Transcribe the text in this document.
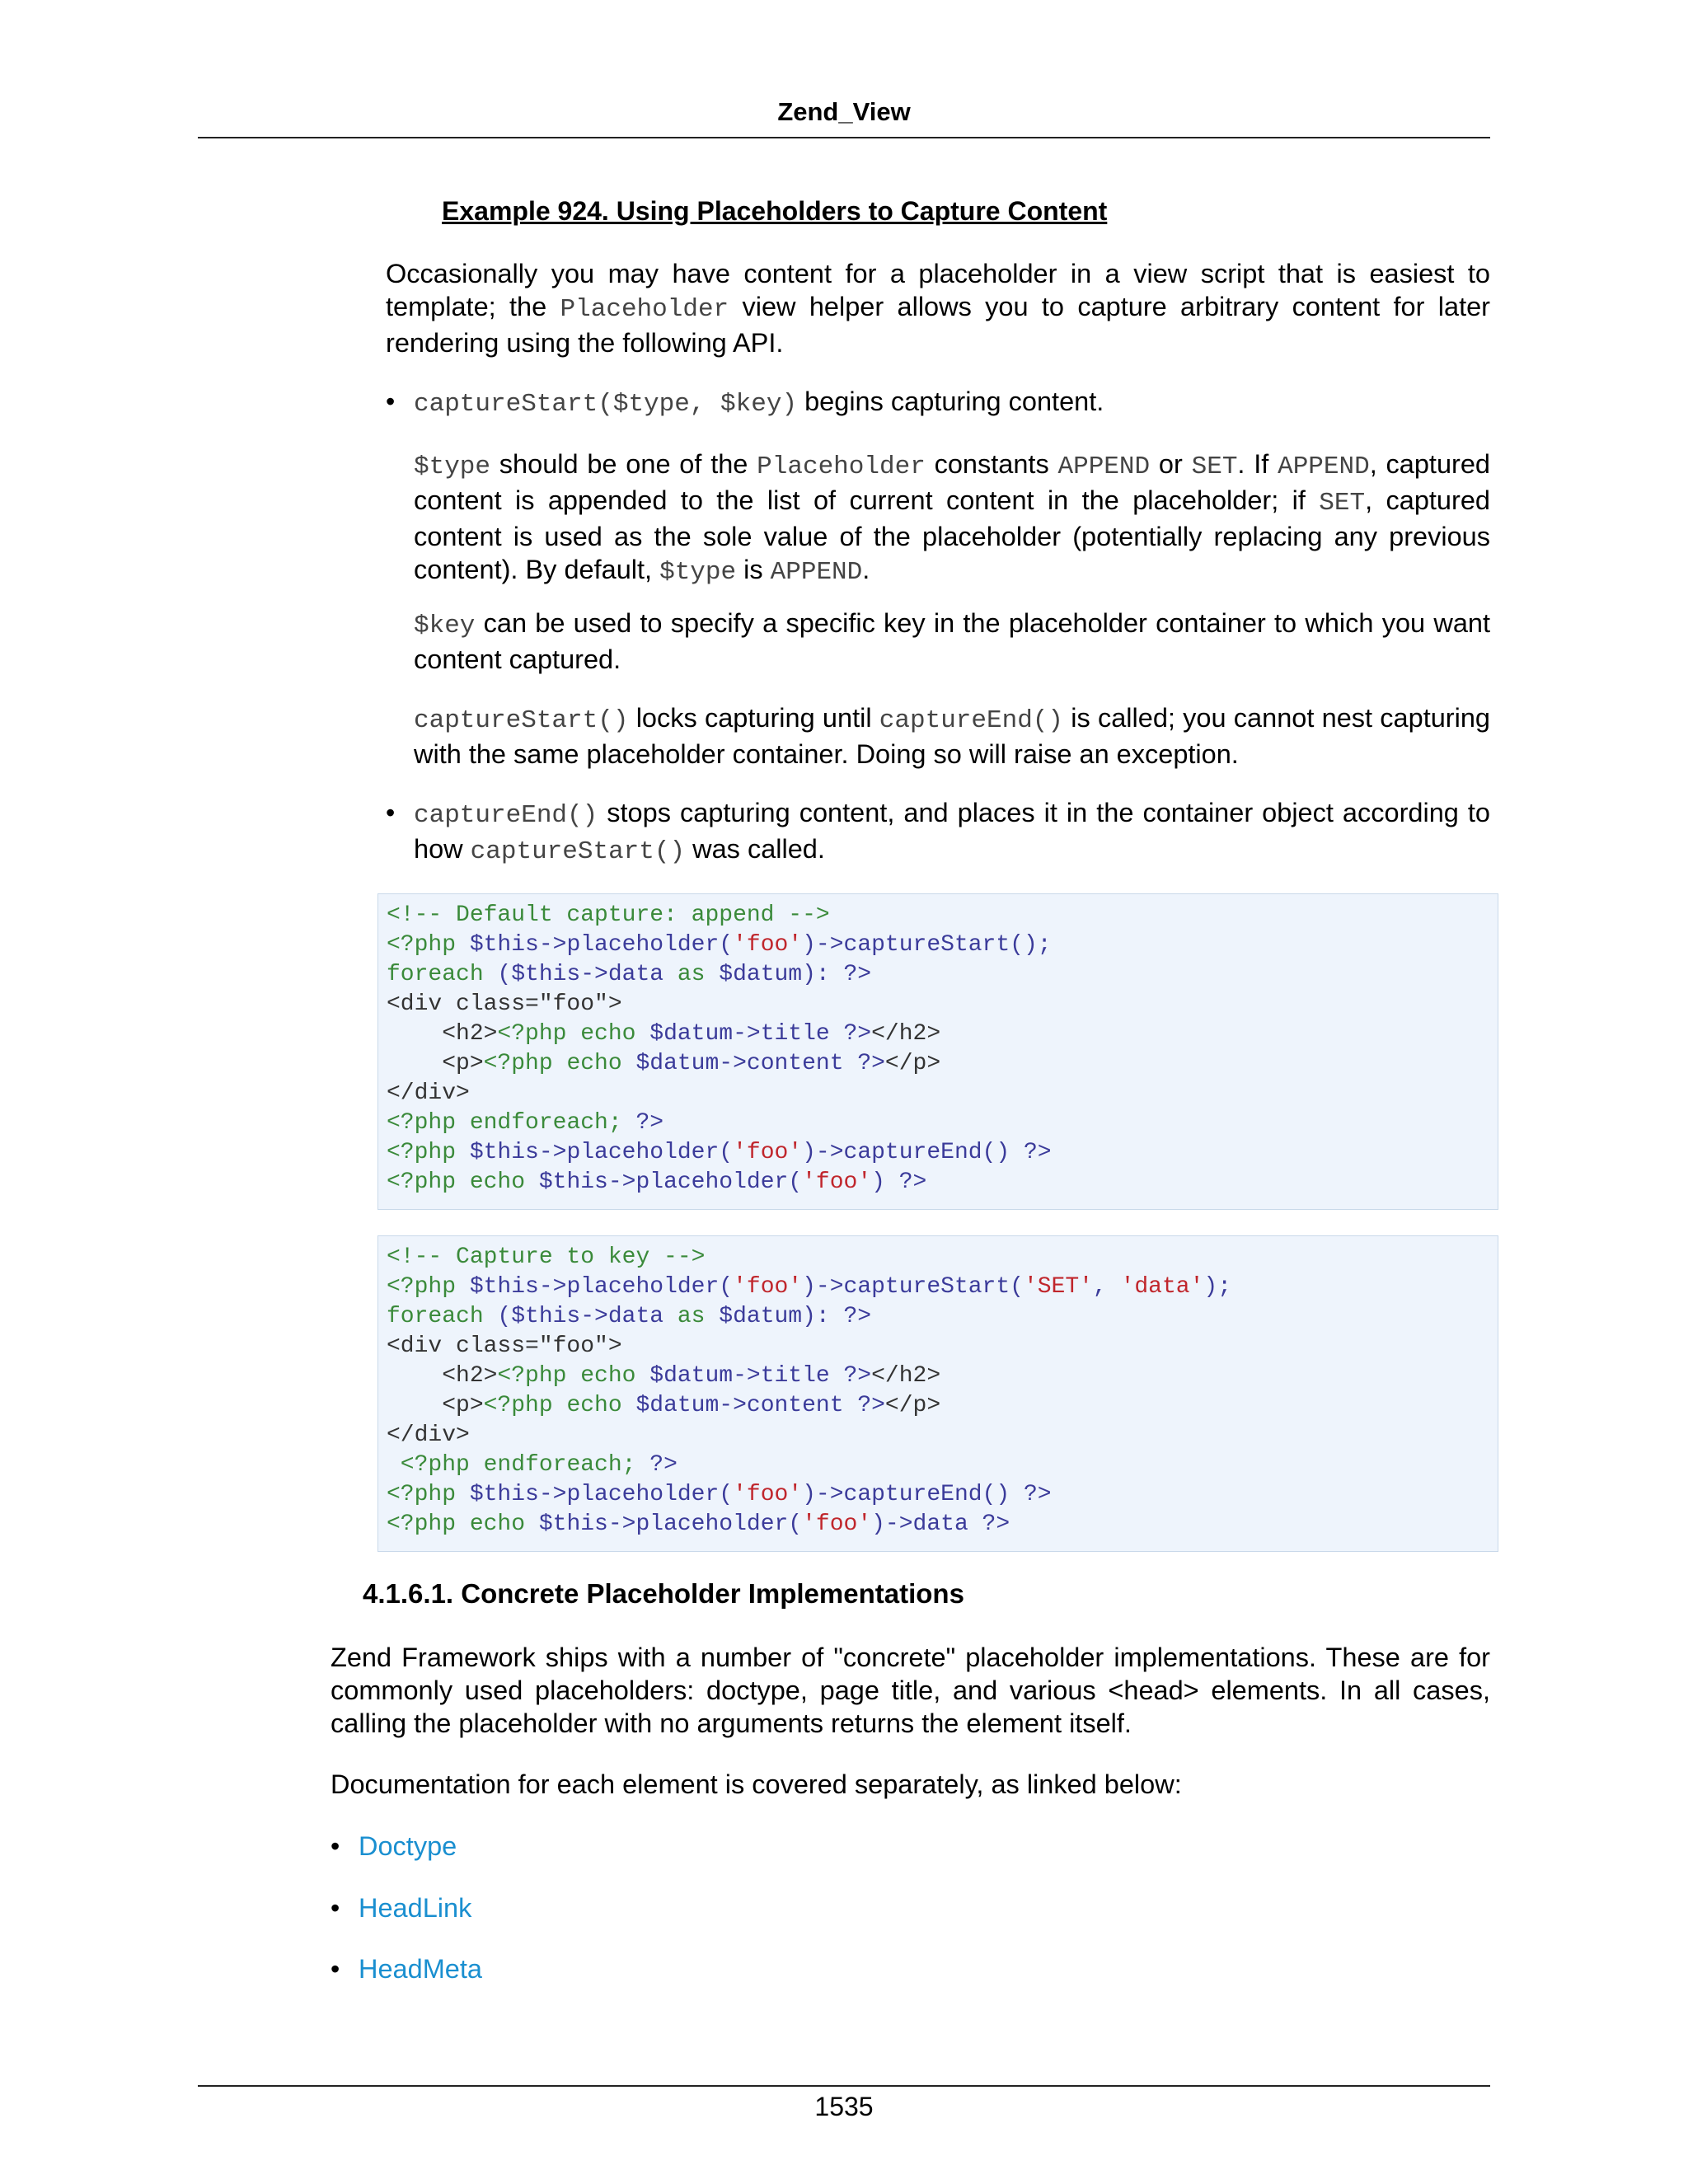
Zend_View
Example 924. Using Placeholders to Capture Content

Occasionally you may have content for a placeholder in a view script that is easiest to template; the Placeholder view helper allows you to capture arbitrary content for later rendering using the following API.

• captureStart($type, $key) begins capturing content.

$type should be one of the Placeholder constants APPEND or SET. If APPEND, captured content is appended to the list of current content in the placeholder; if SET, captured content is used as the sole value of the placeholder (potentially replacing any previous content). By default, $type is APPEND.

$key can be used to specify a specific key in the placeholder container to which you want content captured.

captureStart() locks capturing until captureEnd() is called; you cannot nest capturing with the same placeholder container. Doing so will raise an exception.

• captureEnd() stops capturing content, and places it in the container object according to how captureStart() was called.

<!-- Default capture: append -->
<?php $this->placeholder('foo')->captureStart();
foreach ($this->data as $datum): ?>
<div class="foo">
<h2><?php echo $datum->title ?></h2>
<p><?php echo $datum->content ?></p>
</div>
<?php endforeach; ?>
<?php $this->placeholder('foo')->captureEnd() ?>
<?php echo $this->placeholder('foo') ?>
<!-- Capture to key -->
<?php $this->placeholder('foo')->captureStart('SET', 'data');
foreach ($this->data as $datum): ?>
<div class="foo">
<h2><?php echo $datum->title ?></h2>
<p><?php echo $datum->content ?></p>
</div>
<?php endforeach; ?>
<?php $this->placeholder('foo')->captureEnd() ?>
<?php echo $this->placeholder('foo')->data ?>
4.1.6.1. Concrete Placeholder Implementations

Zend Framework ships with a number of "concrete" placeholder implementations. These are for commonly used placeholders: doctype, page title, and various <head> elements. In all cases, calling the placeholder with no arguments returns the element itself.

Documentation for each element is covered separately, as linked below:

• Doctype
• HeadLink
• HeadMeta
1535
